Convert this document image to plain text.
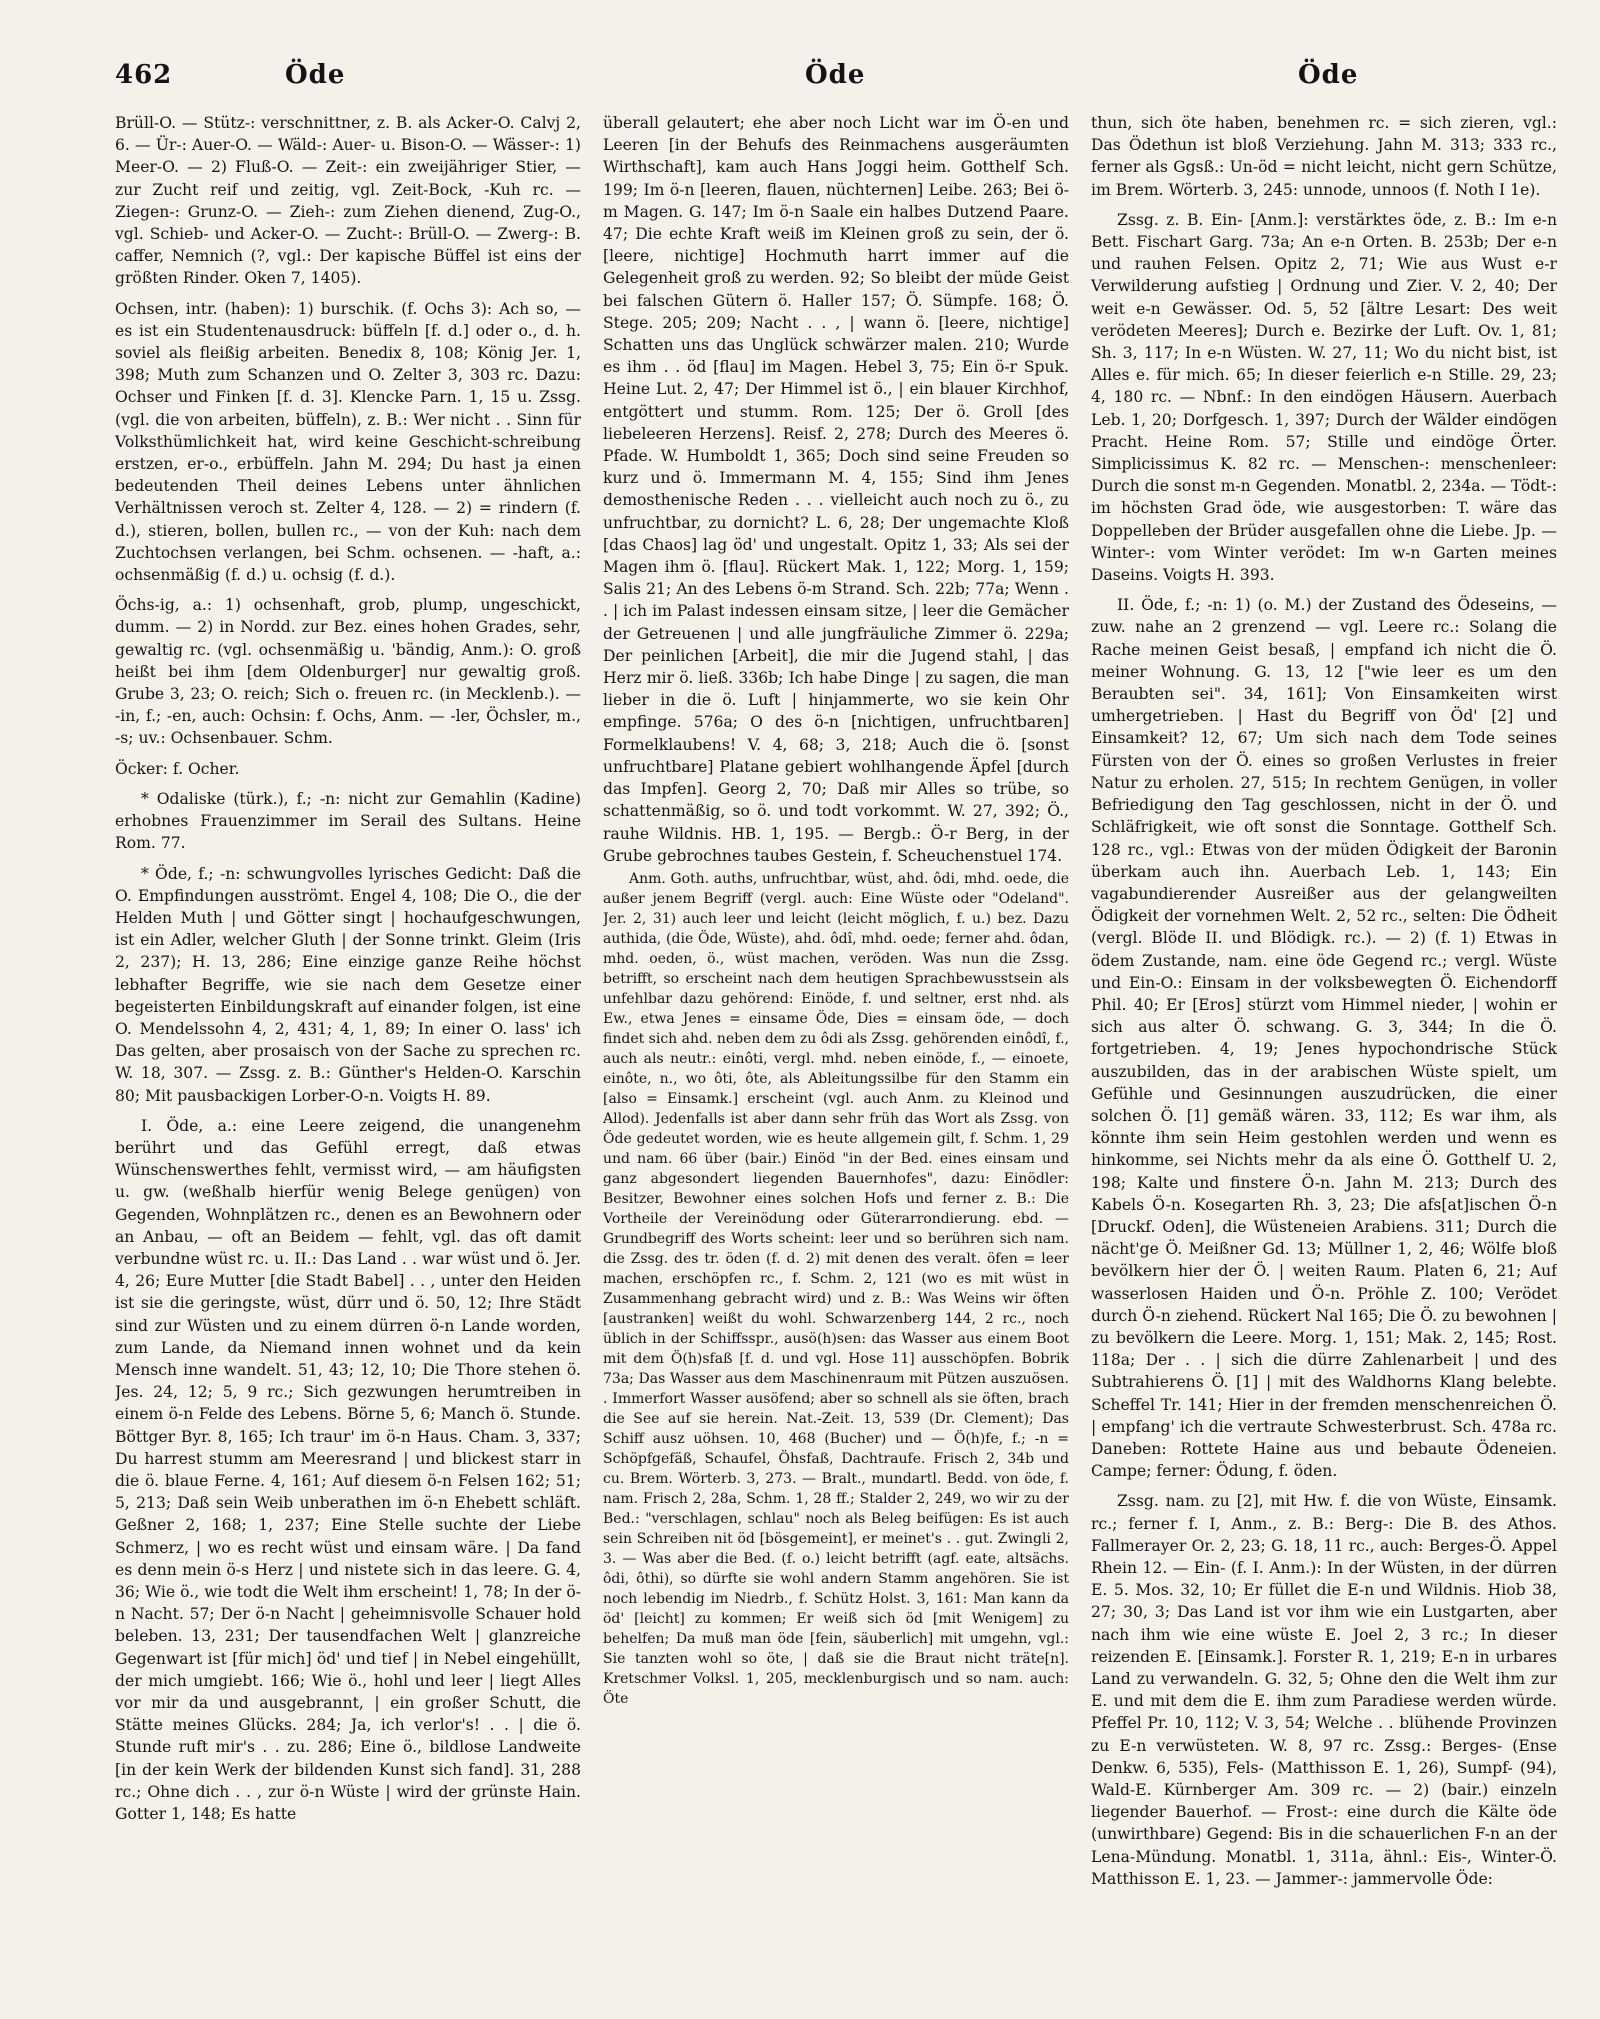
462	Öde	Öde	Öde

Brüll-O. — Stütz-: verschnittner, z. B. als Acker-O. Calvj 2, 6. — Ür-: Auer-O. — Wäld-: Auer- u. Bison-O. — Wässer-: 1) Meer-O. — 2) Fluß-O. — Zeit-: ein zweijähriger Stier, — zur Zucht reif und zeitig, vgl. Zeit-Bock, -Kuh rc. — Ziegen-: Grunz-O. — Zieh-: zum Ziehen dienend, Zug-O., vgl. Schieb- und Acker-O. — Zucht-: Brüll-O. — Zwerg-: B. caffer, Nemnich (?, vgl.: Der kapische Büffel ist eins der größten Rinder. Oken 7, 1405).

Ochsen, intr. (haben): 1) burschik. (f. Ochs 3): Ach so, — es ist ein Studentenausdruck: büffeln [f. d.] oder o., d. h. soviel als fleißig arbeiten. Benedix 8, 108; König Jer. 1, 398; Muth zum Schanzen und O. Zelter 3, 303 rc. Dazu: Ochser und Finken [f. d. 3]. Klencke Parn. 1, 15 u. Zssg. (vgl. die von arbeiten, büffeln), z. B.: Wer nicht . . Sinn für Volksthümlichkeit hat, wird keine Geschicht-schreibung erstzen, er-o., erbüffeln. Jahn M. 294; Du hast ja einen bedeutenden Theil deines Lebens unter ähnlichen Verhältnissen veroch st. Zelter 4, 128. — 2) = rindern (f. d.), stieren, bollen, bullen rc., — von der Kuh: nach dem Zuchtochsen verlangen, bei Schm. ochsenen. — -haft, a.: ochsenmäßig (f. d.) u. ochsig (f. d.).

Öchs-ig, a.: 1) ochsenhaft, grob, plump, ungeschickt, dumm. — 2) in Nordd. zur Bez. eines hohen Grades, sehr, gewaltig rc. (vgl. ochsenmäßig u. 'bändig, Anm.): O. groß heißt bei ihm [dem Oldenburger] nur gewaltig groß. Grube 3, 23; O. reich; Sich o. freuen rc. (in Mecklenb.). — -in, f.; -en, auch: Ochsin: f. Ochs, Anm. — -ler, Öchsler, m., -s; uv.: Ochsenbauer. Schm.

Öcker: f. Ocher.

* Odaliske (türk.), f.; -n: nicht zur Gemahlin (Kadine) erhobnes Frauenzimmer im Serail des Sultans. Heine Rom. 77.

* Öde, f.; -n: schwungvolles lyrisches Gedicht: Daß die O. Empfindungen ausströmt. Engel 4, 108; Die O., die der Helden Muth | und Götter singt | hochaufgeschwungen, ist ein Adler, welcher Gluth | der Sonne trinkt. Gleim (Iris 2, 237); H. 13, 286; Eine einzige ganze Reihe höchst lebhafter Begriffe, wie sie nach dem Gesetze einer begeisterten Einbildungskraft auf einander folgen, ist eine O. Mendelssohn 4, 2, 431; 4, 1, 89; In einer O. lass' ich Das gelten, aber prosaisch von der Sache zu sprechen rc. W. 18, 307. — Zssg. z. B.: Günther's Helden-O. Karschin 80; Mit pausbackigen Lorber-O-n. Voigts H. 89.

I. Öde, a.: eine Leere zeigend, die unangenehm berührt und das Gefühl erregt, daß etwas Wünschenswerthes fehlt, vermisst wird, — am häufigsten u. gw. (weßhalb hierfür wenig Belege genügen) von Gegenden, Wohnplätzen rc., denen es an Bewohnern oder an Anbau, — oft an Beidem — fehlt, vgl. das oft damit verbundne wüst rc. u. II.: Das Land . . war wüst und ö. Jer. 4, 26; Eure Mutter [die Stadt Babel] . . , unter den Heiden ist sie die geringste, wüst, dürr und ö. 50, 12; Ihre Städt sind zur Wüsten und zu einem dürren ö-n Lande worden, zum Lande, da Niemand innen wohnet und da kein Mensch inne wandelt. 51, 43; 12, 10; Die Thore stehen ö. Jes. 24, 12; 5, 9 rc.; Sich gezwungen herumtreiben in einem ö-n Felde des Lebens. Börne 5, 6; Manch ö. Stunde. Böttger Byr. 8, 165; Ich traur' im ö-n Haus. Cham. 3, 337; Du harrest stumm am Meeresrand | und blickest starr in die ö. blaue Ferne. 4, 161; Auf diesem ö-n Felsen 162; 51; 5, 213; Daß sein Weib unberathen im ö-n Ehebett schläft. Geßner 2, 168; 1, 237; Eine Stelle suchte der Liebe Schmerz, | wo es recht wüst und einsam wäre. | Da fand es denn mein ö-s Herz | und nistete sich in das leere. G. 4, 36; Wie ö., wie todt die Welt ihm erscheint! 1, 78; In der ö-n Nacht. 57; Der ö-n Nacht | geheimnisvolle Schauer hold beleben. 13, 231; Der tausendfachen Welt | glanzreiche Gegenwart ist [für mich] öd' und tief | in Nebel eingehüllt, der mich umgiebt. 166; Wie ö., hohl und leer | liegt Alles vor mir da und ausgebrannt, | ein großer Schutt, die Stätte meines Glücks. 284; Ja, ich verlor's! . . | die ö. Stunde ruft mir's . . zu. 286; Eine ö., bildlose Landweite [in der kein Werk der bildenden Kunst sich fand]. 31, 288 rc.; Ohne dich . . , zur ö-n Wüste | wird der grünste Hain. Gotter 1, 148; Es hatte

überall gelautert; ehe aber noch Licht war im Ö-en und Leeren [in der Behufs des Reinmachens ausgeräumten Wirthschaft], kam auch Hans Joggi heim. Gotthelf Sch. 199; Im ö-n [leeren, flauen, nüchternen] Leibe. 263; Bei ö-m Magen. G. 147; Im ö-n Saale ein halbes Dutzend Paare. 47; Die echte Kraft weiß im Kleinen groß zu sein, der ö. [leere, nichtige] Hochmuth harrt immer auf die Gelegenheit groß zu werden. 92; So bleibt der müde Geist bei falschen Gütern ö. Haller 157; Ö. Sümpfe. 168; Ö. Stege. 205; 209; Nacht . . , | wann ö. [leere, nichtige] Schatten uns das Unglück schwärzer malen. 210; Wurde es ihm . . öd [flau] im Magen. Hebel 3, 75; Ein ö-r Spuk. Heine Lut. 2, 47; Der Himmel ist ö., | ein blauer Kirchhof, entgöttert und stumm. Rom. 125; Der ö. Groll [des liebeleeren Herzens]. Reisf. 2, 278; Durch des Meeres ö. Pfade. W. Humboldt 1, 365; Doch sind seine Freuden so kurz und ö. Immermann M. 4, 155; Sind ihm Jenes demosthenische Reden . . . vielleicht auch noch zu ö., zu unfruchtbar, zu dornicht? L. 6, 28; Der ungemachte Kloß [das Chaos] lag öd' und ungestalt. Opitz 1, 33; Als sei der Magen ihm ö. [flau]. Rückert Mak. 1, 122; Morg. 1, 159; Salis 21; An des Lebens ö-m Strand. Sch. 22b; 77a; Wenn . . | ich im Palast indessen einsam sitze, | leer die Gemächer der Getreuenen | und alle jungfräuliche Zimmer ö. 229a; Der peinlichen [Arbeit], die mir die Jugend stahl, | das Herz mir ö. ließ. 336b; Ich habe Dinge | zu sagen, die man lieber in die ö. Luft | hinjammerte, wo sie kein Ohr empfinge. 576a; O des ö-n [nichtigen, unfruchtbaren] Formelklaubens! V. 4, 68; 3, 218; Auch die ö. [sonst unfruchtbare] Platane gebiert wohlhangende Äpfel [durch das Impfen]. Georg 2, 70; Daß mir Alles so trübe, so schattenmäßig, so ö. und todt vorkommt. W. 27, 392; Ö., rauhe Wildnis. HB. 1, 195. — Bergb.: Ö-r Berg, in der Grube gebrochnes taubes Gestein, f. Scheuchenstuel 174.

Anm. Goth. auths, unfruchtbar, wüst, ahd. ôdi, mhd. oede, die außer jenem Begriff (vergl. auch: Eine Wüste oder "Odeland". Jer. 2, 31) auch leer und leicht (leicht möglich, f. u.) bez. Dazu authida, (die Öde, Wüste), ahd. ôdî, mhd. oede; ferner ahd. ôdan, mhd. oeden, ö., wüst machen, veröden. Was nun die Zssg. betrifft, so erscheint nach dem heutigen Sprachbewusstsein als unfehlbar dazu gehörend: Einöde, f. und seltner, erst nhd. als Ew., etwa Jenes = einsame Öde, Dies = einsam öde, — doch findet sich ahd. neben dem zu ôdi als Zssg. gehörenden einôdî, f., auch als neutr.: einôti, vergl. mhd. neben einöde, f., — einoete, einôte, n., wo ôti, ôte, als Ableitungssilbe für den Stamm ein [also = Einsamk.] erscheint (vgl. auch Anm. zu Kleinod und Allod). Jedenfalls ist aber dann sehr früh das Wort als Zssg. von Öde gedeutet worden, wie es heute allgemein gilt, f. Schm. 1, 29 und nam. 66 über (bair.) Einöd "in der Bed. eines einsam und ganz abgesondert liegenden Bauernhofes", dazu: Einödler: Besitzer, Bewohner eines solchen Hofs und ferner z. B.: Die Vortheile der Vereinödung oder Güterarrondierung. ebd. — Grundbegriff des Worts scheint: leer und so berühren sich nam. die Zssg. des tr. öden (f. d. 2) mit denen des veralt. öfen = leer machen, erschöpfen rc., f. Schm. 2, 121 (wo es mit wüst in Zusammenhang gebracht wird) und z. B.: Was Weins wir öften [austranken] weißt du wohl. Schwarzenberg 144, 2 rc., noch üblich in der Schiffsspr., ausö(h)sen: das Wasser aus einem Boot mit dem Ö(h)sfaß [f. d. und vgl. Hose 11] ausschöpfen. Bobrik 73a; Das Wasser aus dem Maschinenraum mit Pützen auszuösen. . Immerfort Wasser ausöfend; aber so schnell als sie öften, brach die See auf sie herein. Nat.-Zeit. 13, 539 (Dr. Clement); Das Schiff ausz uöhsen. 10, 468 (Bucher) und — Ö(h)fe, f.; -n = Schöpfgefäß, Schaufel, Öhsfaß, Dachtraufe. Frisch 2, 34b und cu. Brem. Wörterb. 3, 273. — Bralt., mundartl. Bedd. von öde, f. nam. Frisch 2, 28a, Schm. 1, 28 ff.; Stalder 2, 249, wo wir zu der Bed.: "verschlagen, schlau" noch als Beleg beifügen: Es ist auch sein Schreiben nit öd [bösgemeint], er meinet's . . gut. Zwingli 2, 3. — Was aber die Bed. (f. o.) leicht betrifft (agf. eate, altsächs. ôdi, ôthi), so dürfte sie wohl andern Stamm angehören. Sie ist noch lebendig im Niedrb., f. Schütz Holst. 3, 161: Man kann da öd' [leicht] zu kommen; Er weiß sich öd [mit Wenigem] zu behelfen; Da muß man öde [fein, säuberlich] mit umgehn, vgl.: Sie tanzten wohl so öte, | daß sie die Braut nicht träte[n]. Kretschmer Volksl. 1, 205, mecklenburgisch und so nam. auch: Öte

thun, sich öte haben, benehmen rc. = sich zieren, vgl.: Das Ödethun ist bloß Verziehung. Jahn M. 313; 333 rc., ferner als Ggsß.: Un-öd = nicht leicht, nicht gern Schütze, im Brem. Wörterb. 3, 245: unnode, unnoos (f. Noth I 1e).

Zssg. z. B. Ein- [Anm.]: verstärktes öde, z. B.: Im e-n Bett. Fischart Garg. 73a; An e-n Orten. B. 253b; Der e-n und rauhen Felsen. Opitz 2, 71; Wie aus Wust e-r Verwilderung aufstieg | Ordnung und Zier. V. 2, 40; Der weit e-n Gewässer. Od. 5, 52 [ältre Lesart: Des weit verödeten Meeres]; Durch e. Bezirke der Luft. Ov. 1, 81; Sh. 3, 117; In e-n Wüsten. W. 27, 11; Wo du nicht bist, ist Alles e. für mich. 65; In dieser feierlich e-n Stille. 29, 23; 4, 180 rc. — Nbnf.: In den eindögen Häusern. Auerbach Leb. 1, 20; Dorfgesch. 1, 397; Durch der Wälder eindögen Pracht. Heine Rom. 57; Stille und eindöge Örter. Simplicissimus K. 82 rc. — Menschen-: menschenleer: Durch die sonst m-n Gegenden. Monatbl. 2, 234a. — Tödt-: im höchsten Grad öde, wie ausgestorben: T. wäre das Doppelleben der Brüder ausgefallen ohne die Liebe. Jp. — Winter-: vom Winter verödet: Im w-n Garten meines Daseins. Voigts H. 393.

II. Öde, f.; -n: 1) (o. M.) der Zustand des Ödeseins, — zuw. nahe an 2 grenzend — vgl. Leere rc.: Solang die Rache meinen Geist besaß, | empfand ich nicht die Ö. meiner Wohnung. G. 13, 12 ["wie leer es um den Beraubten sei". 34, 161]; Von Einsamkeiten wirst umhergetrieben. | Hast du Begriff von Öd' [2] und Einsamkeit? 12, 67; Um sich nach dem Tode seines Fürsten von der Ö. eines so großen Verlustes in freier Natur zu erholen. 27, 515; In rechtem Genügen, in voller Befriedigung den Tag geschlossen, nicht in der Ö. und Schläfrigkeit, wie oft sonst die Sonntage. Gotthelf Sch. 128 rc., vgl.: Etwas von der müden Ödigkeit der Baronin überkam auch ihn. Auerbach Leb. 1, 143; Ein vagabundierender Ausreißer aus der gelangweilten Ödigkeit der vornehmen Welt. 2, 52 rc., selten: Die Ödheit (vergl. Blöde II. und Blödigk. rc.). — 2) (f. 1) Etwas in ödem Zustande, nam. eine öde Gegend rc.; vergl. Wüste und Ein-O.: Einsam in der volksbewegten Ö. Eichendorff Phil. 40; Er [Eros] stürzt vom Himmel nieder, | wohin er sich aus alter Ö. schwang. G. 3, 344; In die Ö. fortgetrieben. 4, 19; Jenes hypochondrische Stück auszubilden, das in der arabischen Wüste spielt, um Gefühle und Gesinnungen auszudrücken, die einer solchen Ö. [1] gemäß wären. 33, 112; Es war ihm, als könnte ihm sein Heim gestohlen werden und wenn es hinkomme, sei Nichts mehr da als eine Ö. Gotthelf U. 2, 198; Kalte und finstere Ö-n. Jahn M. 213; Durch des Kabels Ö-n. Kosegarten Rh. 3, 23; Die afs[at]ischen Ö-n [Druckf. Oden], die Wüsteneien Arabiens. 311; Durch die nächt'ge Ö. Meißner Gd. 13; Müllner 1, 2, 46; Wölfe bloß bevölkern hier der Ö. | weiten Raum. Platen 6, 21; Auf wasserlosen Haiden und Ö-n. Pröhle Z. 100; Verödet durch Ö-n ziehend. Rückert Nal 165; Die Ö. zu bewohnen | zu bevölkern die Leere. Morg. 1, 151; Mak. 2, 145; Rost. 118a; Der . . | sich die dürre Zahlenarbeit | und des Subtrahierens Ö. [1] | mit des Waldhorns Klang belebte. Scheffel Tr. 141; Hier in der fremden menschenreichen Ö. | empfang' ich die vertraute Schwesterbrust. Sch. 478a rc. Daneben: Rottete Haine aus und bebaute Ödeneien. Campe; ferner: Ödung, f. öden.

Zssg. nam. zu [2], mit Hw. f. die von Wüste, Einsamk. rc.; ferner f. I, Anm., z. B.: Berg-: Die B. des Athos. Fallmerayer Or. 2, 23; G. 18, 11 rc., auch: Berges-Ö. Appel Rhein 12. — Ein- (f. I. Anm.): In der Wüsten, in der dürren E. 5. Mos. 32, 10; Er füllet die E-n und Wildnis. Hiob 38, 27; 30, 3; Das Land ist vor ihm wie ein Lustgarten, aber nach ihm wie eine wüste E. Joel 2, 3 rc.; In dieser reizenden E. [Einsamk.]. Forster R. 1, 219; E-n in urbares Land zu verwandeln. G. 32, 5; Ohne den die Welt ihm zur E. und mit dem die E. ihm zum Paradiese werden würde. Pfeffel Pr. 10, 112; V. 3, 54; Welche . . blühende Provinzen zu E-n verwüsteten. W. 8, 97 rc. Zssg.: Berges- (Ense Denkw. 6, 535), Fels- (Matthisson E. 1, 26), Sumpf- (94), Wald-E. Kürnberger Am. 309 rc. — 2) (bair.) einzeln liegender Bauerhof. — Frost-: eine durch die Kälte öde (unwirthbare) Gegend: Bis in die schauerlichen F-n an der Lena-Mündung. Monatbl. 1, 311a, ähnl.: Eis-, Winter-Ö. Matthisson E. 1, 23. — Jammer-: jammervolle Öde:
